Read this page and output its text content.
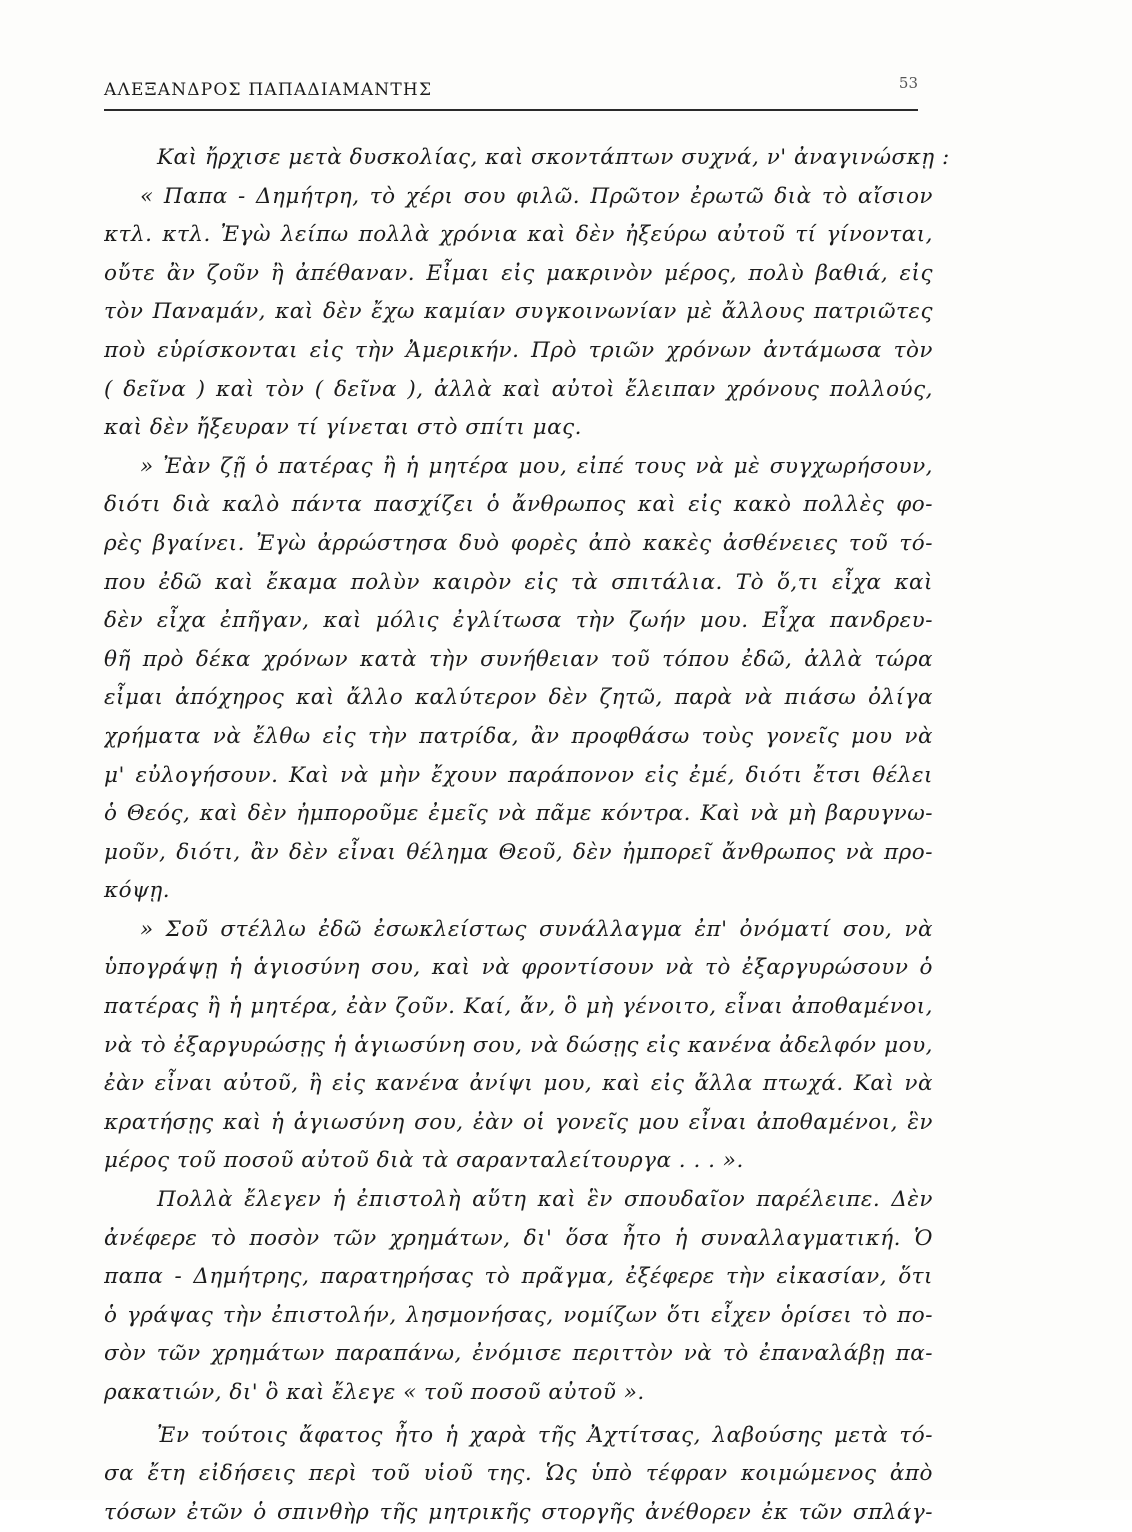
ΑΛΕΞΑΝΔΡΟΣ ΠΑΠΑΔΙΑΜΑΝΤΗΣ	53
Καὶ ἤρχισε μετὰ δυσκολίας, καὶ σκοντάπτων συχνά, ν' ἀναγινώσκῃ :
« Παπα - Δημήτρη, τὸ χέρι σου φιλῶ. Πρῶτον ἐρωτῶ διὰ τὸ αἴσιον
κτλ. κτλ. Ἐγὼ λείπω πολλὰ χρόνια καὶ δὲν ἠξεύρω αὐτοῦ τί γίνονται,
οὔτε ἂν ζοῦν ἢ ἀπέθαναν. Εἶμαι εἰς μακρινὸν μέρος, πολὺ βαθιά, εἰς
τὸν Παναμάν, καὶ δὲν ἔχω καμίαν συγκοινωνίαν μὲ ἄλλους πατριῶτες
ποὺ εὑρίσκονται εἰς τὴν Ἀμερικήν. Πρὸ τριῶν χρόνων ἀντάμωσα τὸν
( δεῖνα ) καὶ τὸν ( δεῖνα ), ἀλλὰ καὶ αὐτοὶ ἔλειπαν χρόνους πολλούς,
καὶ δὲν ἤξευραν τί γίνεται στὸ σπίτι μας.
» Ἐὰν ζῇ ὁ πατέρας ἢ ἡ μητέρα μου, εἰπέ τους νὰ μὲ συγχωρήσουν,
διότι διὰ καλὸ πάντα πασχίζει ὁ ἄνθρωπος καὶ εἰς κακὸ πολλὲς φο-
ρὲς βγαίνει. Ἐγὼ ἀρρώστησα δυὸ φορὲς ἀπὸ κακὲς ἀσθένειες τοῦ τό-
που ἐδῶ καὶ ἔκαμα πολὺν καιρὸν εἰς τὰ σπιτάλια. Τὸ ὅ,τι εἶχα καὶ
δὲν εἶχα ἐπῆγαν, καὶ μόλις ἐγλίτωσα τὴν ζωήν μου. Εἶχα πανδρευ-
θῆ πρὸ δέκα χρόνων κατὰ τὴν συνήθειαν τοῦ τόπου ἐδῶ, ἀλλὰ τώρα
εἶμαι ἀπόχηρος καὶ ἄλλο καλύτερον δὲν ζητῶ, παρὰ νὰ πιάσω ὀλίγα
χρήματα νὰ ἔλθω εἰς τὴν πατρίδα, ἂν προφθάσω τοὺς γονεῖς μου νὰ
μ' εὐλογήσουν. Καὶ νὰ μὴν ἔχουν παράπονον εἰς ἐμέ, διότι ἔτσι θέλει
ὁ Θεός, καὶ δὲν ἠμποροῦμε ἐμεῖς νὰ πᾶμε κόντρα. Καὶ νὰ μὴ βαρυγνω-
μοῦν, διότι, ἂν δὲν εἶναι θέλημα Θεοῦ, δὲν ἠμπορεῖ ἄνθρωπος νὰ προ-
κόψῃ.
» Σοῦ στέλλω ἐδῶ ἐσωκλείστως συνάλλαγμα ἐπ' ὀνόματί σου, νὰ
ὑπογράψῃ ἡ ἁγιοσύνη σου, καὶ νὰ φροντίσουν νὰ τὸ ἐξαργυρώσουν ὁ
πατέρας ἢ ἡ μητέρα, ἐὰν ζοῦν. Καί, ἄν, ὃ μὴ γένοιτο, εἶναι ἀποθαμένοι,
νὰ τὸ ἐξαργυρώσῃς ἡ ἁγιωσύνη σου, νὰ δώσῃς εἰς κανένα ἀδελφόν μου,
ἐὰν εἶναι αὐτοῦ, ἢ εἰς κανένα ἀνίψι μου, καὶ εἰς ἄλλα πτωχά. Καὶ νὰ
κρατήσῃς καὶ ἡ ἁγιωσύνη σου, ἐὰν οἱ γονεῖς μου εἶναι ἀποθαμένοι, ἓν
μέρος τοῦ ποσοῦ αὐτοῦ διὰ τὰ σαρανταλείτουργα . . . ».
Πολλὰ ἔλεγεν ἡ ἐπιστολὴ αὕτη καὶ ἓν σπουδαῖον παρέλειπε. Δὲν
ἀνέφερε τὸ ποσὸν τῶν χρημάτων, δι' ὅσα ἦτο ἡ συναλλαγματική. Ὁ
παπα - Δημήτρης, παρατηρήσας τὸ πρᾶγμα, ἐξέφερε τὴν εἰκασίαν, ὅτι
ὁ γράψας τὴν ἐπιστολήν, λησμονήσας, νομίζων ὅτι εἶχεν ὁρίσει τὸ πο-
σὸν τῶν χρημάτων παραπάνω, ἐνόμισε περιττὸν νὰ τὸ ἐπαναλάβῃ πα-
ρακατιών, δι' ὃ καὶ ἔλεγε « τοῦ ποσοῦ αὐτοῦ ».
Ἐν τούτοις ἄφατος ἦτο ἡ χαρὰ τῆς Ἀχτίτσας, λαβούσης μετὰ τό-
σα ἔτη εἰδήσεις περὶ τοῦ υἱοῦ της. Ὡς ὑπὸ τέφραν κοιμώμενος ἀπὸ
τόσων ἐτῶν ὁ σπινθὴρ τῆς μητρικῆς στοργῆς ἀνέθορεν ἐκ τῶν σπλάγ-
